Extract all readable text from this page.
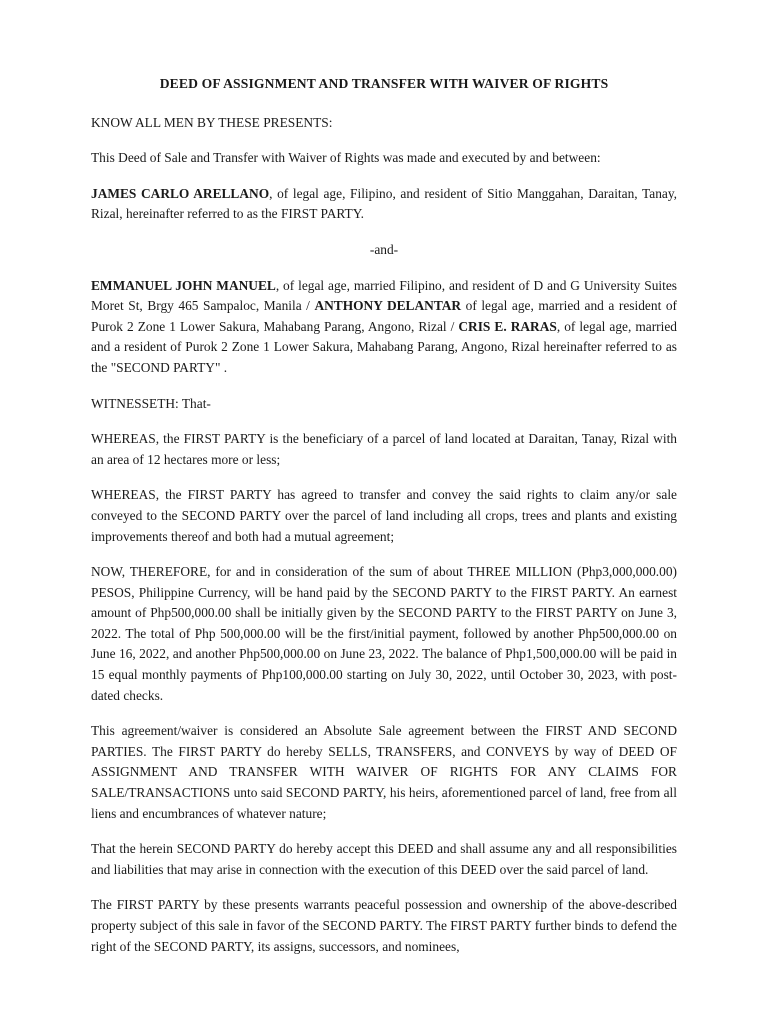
DEED OF ASSIGNMENT AND TRANSFER WITH WAIVER OF RIGHTS

KNOW ALL MEN BY THESE PRESENTS:

This Deed of Sale and Transfer with Waiver of Rights was made and executed by and between:

JAMES CARLO ARELLANO, of legal age, Filipino, and resident of Sitio Manggahan, Daraitan, Tanay, Rizal, hereinafter referred to as the FIRST PARTY.

-and-

EMMANUEL JOHN MANUEL, of legal age, married Filipino, and resident of D and G University Suites Moret St, Brgy 465 Sampaloc, Manila / ANTHONY DELANTAR of legal age, married and a resident of Purok 2 Zone 1 Lower Sakura, Mahabang Parang, Angono, Rizal / CRIS E. RARAS, of legal age, married and a resident of Purok 2 Zone 1 Lower Sakura, Mahabang Parang, Angono, Rizal hereinafter referred to as the "SECOND PARTY" .

WITNESSETH: That-

WHEREAS, the FIRST PARTY is the beneficiary of a parcel of land located at Daraitan, Tanay, Rizal with an area of 12 hectares more or less;

WHEREAS, the FIRST PARTY has agreed to transfer and convey the said rights to claim any/or sale conveyed to the SECOND PARTY over the parcel of land including all crops, trees and plants and existing improvements thereof and both had a mutual agreement;

NOW, THEREFORE, for and in consideration of the sum of about THREE MILLION (Php3,000,000.00) PESOS, Philippine Currency, will be hand paid by the SECOND PARTY to the FIRST PARTY. An earnest amount of Php500,000.00 shall be initially given by the SECOND PARTY to the FIRST PARTY on June 3, 2022. The total of Php 500,000.00 will be the first/initial payment, followed by another Php500,000.00 on June 16, 2022, and another Php500,000.00 on June 23, 2022. The balance of Php1,500,000.00 will be paid in 15 equal monthly payments of Php100,000.00 starting on July 30, 2022, until October 30, 2023, with post-dated checks.

This agreement/waiver is considered an Absolute Sale agreement between the FIRST AND SECOND PARTIES. The FIRST PARTY do hereby SELLS, TRANSFERS, and CONVEYS by way of DEED OF ASSIGNMENT AND TRANSFER WITH WAIVER OF RIGHTS FOR ANY CLAIMS FOR SALE/TRANSACTIONS unto said SECOND PARTY, his heirs, aforementioned parcel of land, free from all liens and encumbrances of whatever nature;

That the herein SECOND PARTY do hereby accept this DEED and shall assume any and all responsibilities and liabilities that may arise in connection with the execution of this DEED over the said parcel of land.

The FIRST PARTY by these presents warrants peaceful possession and ownership of the above-described property subject of this sale in favor of the SECOND PARTY. The FIRST PARTY further binds to defend the right of the SECOND PARTY, its assigns, successors, and nominees,
